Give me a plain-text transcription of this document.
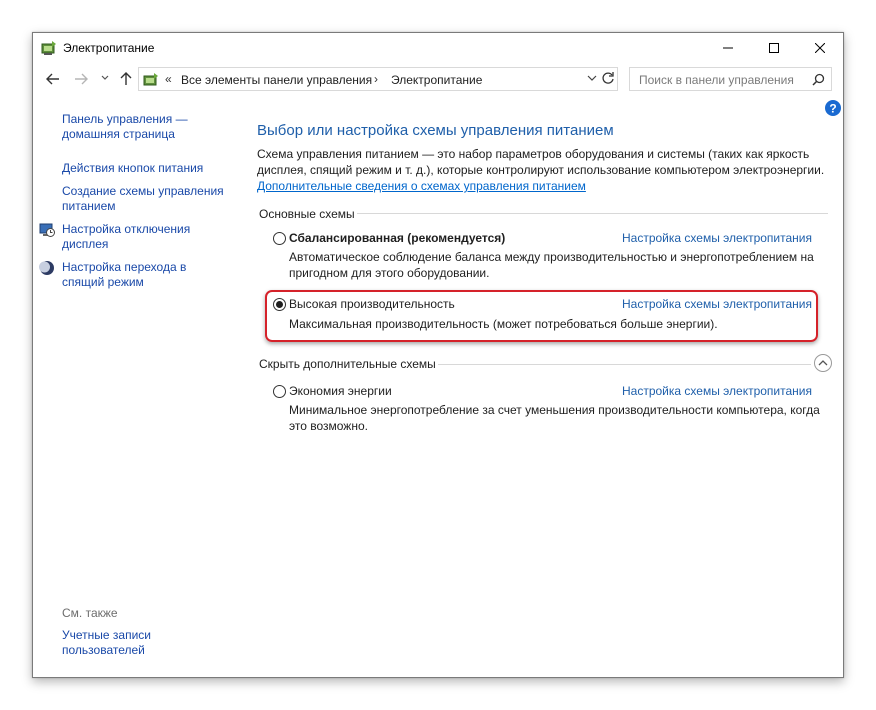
Электропитание
« Все элементы панели управления › Электропитание	Поиск в панели управления
?
Панель управления —
домашняя страница
Действия кнопок питания
Создание схемы управления
питанием
Настройка отключения
дисплея
Настройка перехода в
спящий режим
См. также
Учетные записи
пользователей
Выбор или настройка схемы управления питанием
Схема управления питанием — это набор параметров оборудования и системы (таких как яркость дисплея, спящий режим и т. д.), которые контролируют использование компьютером электроэнергии.
Дополнительные сведения о схемах управления питанием
Основные схемы
Сбалансированная (рекомендуется)	Настройка схемы электропитания
Автоматическое соблюдение баланса между производительностью и энергопотреблением на пригодном для этого оборудовании.
Высокая производительность	Настройка схемы электропитания
Максимальная производительность (может потребоваться больше энергии).
Скрыть дополнительные схемы
Экономия энергии	Настройка схемы электропитания
Минимальное энергопотребление за счет уменьшения производительности компьютера, когда это возможно.
